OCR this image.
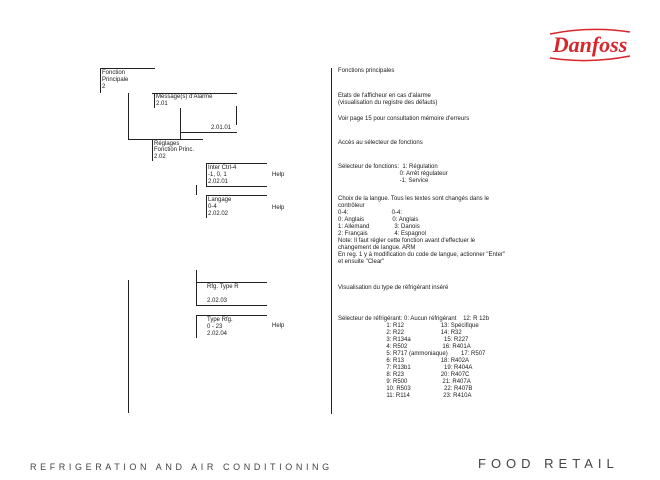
Danfoss
Fonction
Principale
2
Message(s) d'Alarme
2.01
2.01.01
Réglages
Fonction Princ.
2.02
Inter Ctrl-4
-1, 0, 1
2.02.01
Help
Langage
0-4
2.02.02
Help
Rfg. Type R
2.02.03
Type Rfg.
0 - 23
2.02.04
Help
Fonctions principales
Etats de l'afficheur en cas d'alarme
(visualisation du registre des défauts)
Voir page 15 pour consultation mémoire d'erreurs
Accès au sélecteur de fonctions
Sélecteur de fonctions:  1: Régulation
0: Arrêt régulateur
-1: Service
Choix de la langue. Tous les textes sont changés dans le
contrôleur
0-4:                          0-4:
0: Anglais                 0: Anglais
1: Allemand               3: Danois
2: Français                4: Espagnol
Note: Il faut régler cette fonction avant d'effectuer le
changement de langue. ARM
En reg. 1 y à modification du code de langue, actionner "Enter"
et ensuite "Clear"
Visualisation du type de réfrigérant inséré
Sélecteur de réfrigérant: 0: Aucun réfrigérant    12: R 12b
1: R12                      13: Spécifique
2: R22                      14: R32
3: R134a                    15: R227
4: R502                     16: R401A
5: R717 (ammoniaque)        17: R507
6: R13                      18: R402A
7: R13b1                    19: R404A
8: R23                      20: R407C
9: R500                     21: R407A
10: R503                    22: R407B
11: R114                    23: R410A
REFRIGERATION AND AIR CONDITIONING	FOOD RETAIL
